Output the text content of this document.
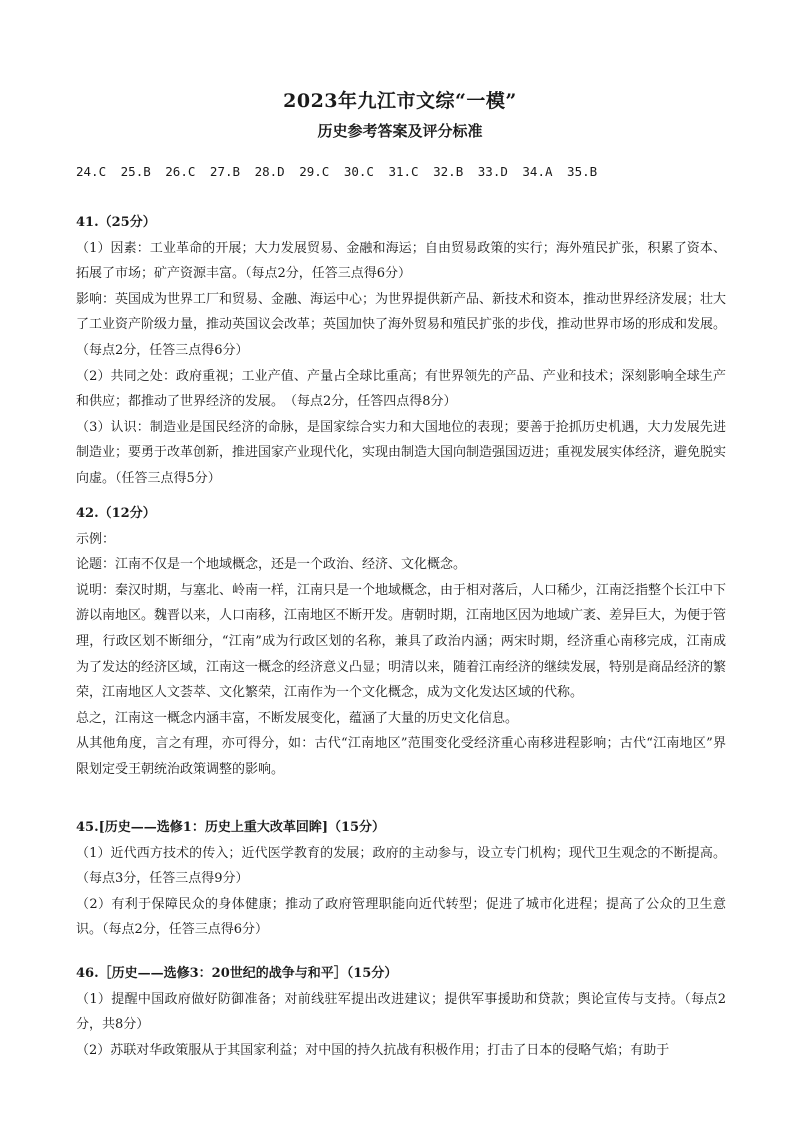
2023年九江市文综“一模”
历史参考答案及评分标准
24.C 25.B 26.C 27.B 28.D 29.C 30.C 31.C 32.B 33.D 34.A 35.B

41.（25分）

（1）因素：工业革命的开展；大力发展贸易、金融和海运；自由贸易政策的实行；海外殖民扩张，积累了资本、拓展了市场；矿产资源丰富。（每点2分，任答三点得6分）

影响：英国成为世界工厂和贸易、金融、海运中心；为世界提供新产品、新技术和资本，推动世界经济发展；壮大了工业资产阶级力量，推动英国议会改革；英国加快了海外贸易和殖民扩张的步伐，推动世界市场的形成和发展。（每点2分，任答三点得6分）

（2）共同之处：政府重视；工业产值、产量占全球比重高；有世界领先的产品、产业和技术；深刻影响全球生产和供应；都推动了世界经济的发展。　（每点2分，任答四点得8分）

（3）认识：制造业是国民经济的命脉，是国家综合实力和大国地位的表现；要善于抢抓历史机遇，大力发展先进制造业；要勇于改革创新，推进国家产业现代化，实现由制造大国向制造强国迈进；重视发展实体经济，避免脱实向虚。（任答三点得5分）

42.（12分）

示例：

论题：江南不仅是一个地域概念，还是一个政治、经济、文化概念。

说明：秦汉时期，与塞北、岭南一样，江南只是一个地域概念，由于相对落后，人口稀少，江南泛指整个长江中下游以南地区。魏晋以来，人口南移，江南地区不断开发。唐朝时期，江南地区因为地域广袤、差异巨大，为便于管理，行政区划不断细分，“江南”成为行政区划的名称，兼具了政治内涵；两宋时期，经济重心南移完成，江南成为了发达的经济区域，江南这一概念的经济意义凸显；明清以来，随着江南经济的继续发展，特别是商品经济的繁荣，江南地区人文荟萃、文化繁荣，江南作为一个文化概念，成为文化发达区域的代称。

总之，江南这一概念内涵丰富，不断发展变化，蕴涵了大量的历史文化信息。

从其他角度，言之有理，亦可得分，如：古代“江南地区”范围变化受经济重心南移进程影响；古代“江南地区”界限划定受王朝统治政策调整的影响。

45.[历史——选修1：历史上重大改革回眸]（15分）

（1）近代西方技术的传入；近代医学教育的发展；政府的主动参与，设立专门机构；现代卫生观念的不断提高。（每点3分，任答三点得9分）

（2）有利于保障民众的身体健康；推动了政府管理职能向近代转型；促进了城市化进程；提高了公众的卫生意识。（每点2分，任答三点得6分）

46.［历史——选修3：20世纪的战争与和平］（15分）

（1）提醒中国政府做好防御准备；对前线驻军提出改进建议；提供军事援助和贷款；舆论宣传与支持。（每点2分，共8分）

（2）苏联对华政策服从于其国家利益；对中国的持久抗战有积极作用；打击了日本的侵略气焰；有助于
